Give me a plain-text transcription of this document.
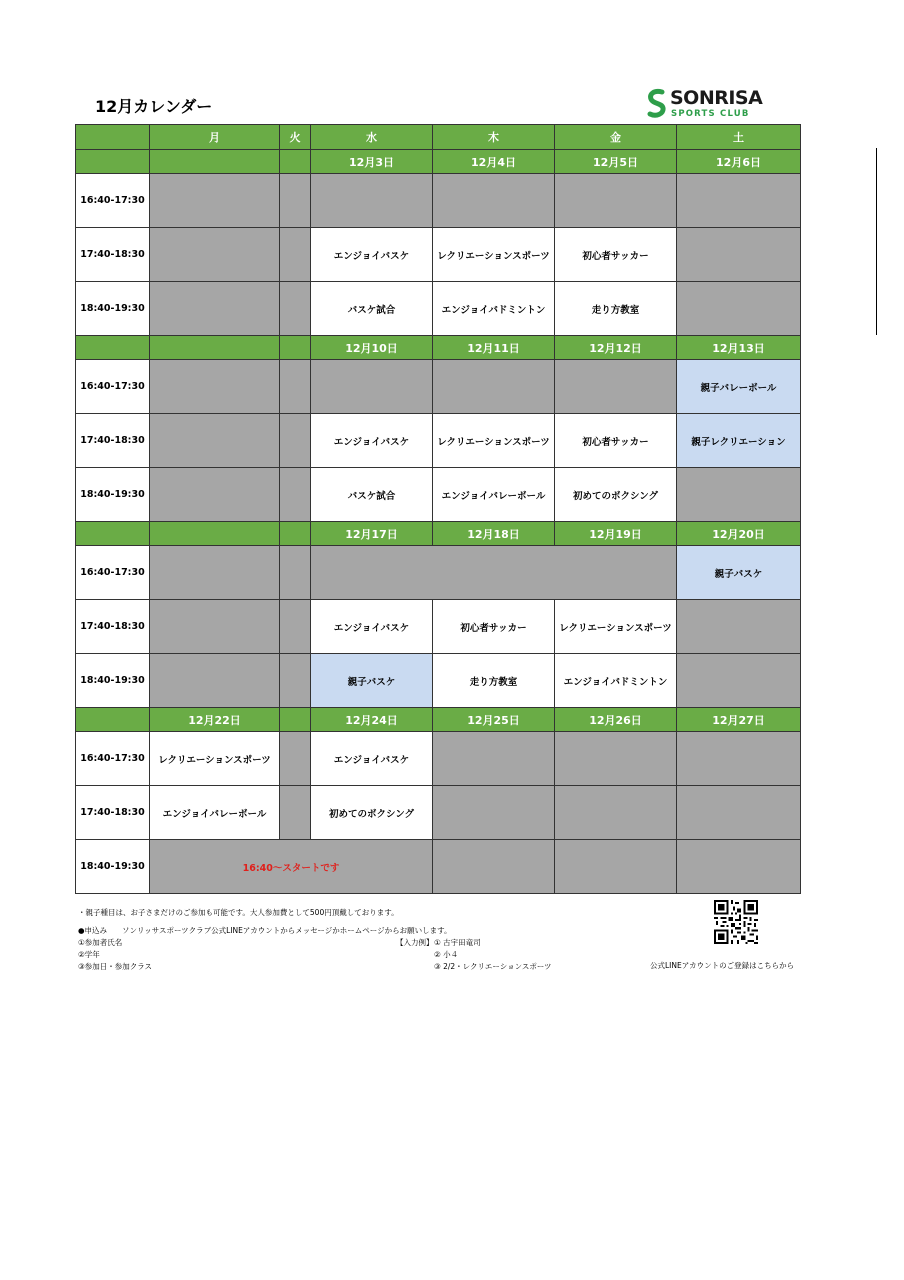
12月カレンダー	SONRISA
SPORTS CLUB
	月	火	水	木	金	土
			12月3日	12月4日	12月5日	12月6日
16:40-17:30						
17:40-18:30			エンジョイバスケ	レクリエーションスポーツ	初心者サッカー	
18:40-19:30			バスケ試合	エンジョイバドミントン	走り方教室	
			12月10日	12月11日	12月12日	12月13日
16:40-17:30						親子バレーボール
17:40-18:30			エンジョイバスケ	レクリエーションスポーツ	初心者サッカー	親子レクリエーション
18:40-19:30			バスケ試合	エンジョイバレーボール	初めてのボクシング	
			12月17日	12月18日	12月19日	12月20日
16:40-17:30						親子バスケ
17:40-18:30			エンジョイバスケ	初心者サッカー	レクリエーションスポーツ	
18:40-19:30			親子バスケ	走り方教室	エンジョイバドミントン	
	12月22日		12月24日	12月25日	12月26日	12月27日
16:40-17:30	レクリエーションスポーツ		エンジョイバスケ			
17:40-18:30	エンジョイバレーボール		初めてのボクシング			
18:40-19:30	16:40〜スタートです					
・親子種目は、お子さまだけのご参加も可能です。大人参加費として500円頂戴しております。
●申込み　　ソンリッサスポーツクラブ公式LINEアカウントからメッセージかホームページからお願いします。
①参加者氏名
②学年
③参加日・参加クラス
【入力例】 ① 古宇田竜司
② 小４
③ 2/2・レクリエーションスポーツ	公式LINEアカウントのご登録はこちらから
